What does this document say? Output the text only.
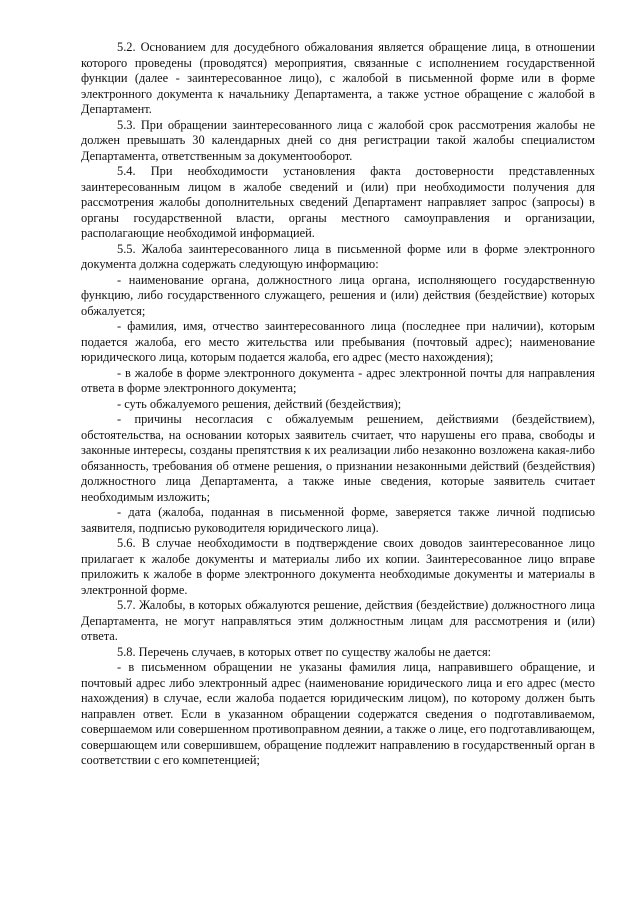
5.2. Основанием для досудебного обжалования является обращение лица, в отношении которого проведены (проводятся) мероприятия, связанные с исполнением государственной функции (далее - заинтересованное лицо), с жалобой в письменной форме или в форме электронного документа к начальнику Департамента, а также устное обращение с жалобой в Департамент.

5.3. При обращении заинтересованного лица с жалобой срок рассмотрения жалобы не должен превышать 30 календарных дней со дня регистрации такой жалобы специалистом Департамента, ответственным за документооборот.

5.4. При необходимости установления факта достоверности представленных заинтересованным лицом в жалобе сведений и (или) при необходимости получения для рассмотрения жалобы дополнительных сведений Департамент направляет запрос (запросы) в органы государственной власти, органы местного самоуправления и организации, располагающие необходимой информацией.

5.5. Жалоба заинтересованного лица в письменной форме или в форме электронного документа должна содержать следующую информацию:

- наименование органа, должностного лица органа, исполняющего государственную функцию, либо государственного служащего, решения и (или) действия (бездействие) которых обжалуется;

- фамилия, имя, отчество заинтересованного лица (последнее при наличии), которым подается жалоба, его место жительства или пребывания (почтовый адрес); наименование юридического лица, которым подается жалоба, его адрес (место нахождения);

- в жалобе в форме электронного документа - адрес электронной почты для направления ответа в форме электронного документа;

- суть обжалуемого решения, действий (бездействия);

- причины несогласия с обжалуемым решением, действиями (бездействием), обстоятельства, на основании которых заявитель считает, что нарушены его права, свободы и законные интересы, созданы препятствия к их реализации либо незаконно возложена какая-либо обязанность, требования об отмене решения, о признании незаконными действий (бездействия) должностного лица Департамента, а также иные сведения, которые заявитель считает необходимым изложить;

- дата (жалоба, поданная в письменной форме, заверяется также личной подписью заявителя, подписью руководителя юридического лица).

5.6. В случае необходимости в подтверждение своих доводов заинтересованное лицо прилагает к жалобе документы и материалы либо их копии. Заинтересованное лицо вправе приложить к жалобе в форме электронного документа необходимые документы и материалы в электронной форме.

5.7. Жалобы, в которых обжалуются решение, действия (бездействие) должностного лица Департамента, не могут направляться этим должностным лицам для рассмотрения и (или) ответа.

5.8. Перечень случаев, в которых ответ по существу жалобы не дается:

- в письменном обращении не указаны фамилия лица, направившего обращение, и почтовый адрес либо электронный адрес (наименование юридического лица и его адрес (место нахождения) в случае, если жалоба подается юридическим лицом), по которому должен быть направлен ответ. Если в указанном обращении содержатся сведения о подготавливаемом, совершаемом или совершенном противоправном деянии, а также о лице, его подготавливающем, совершающем или совершившем, обращение подлежит направлению в государственный орган в соответствии с его компетенцией;
